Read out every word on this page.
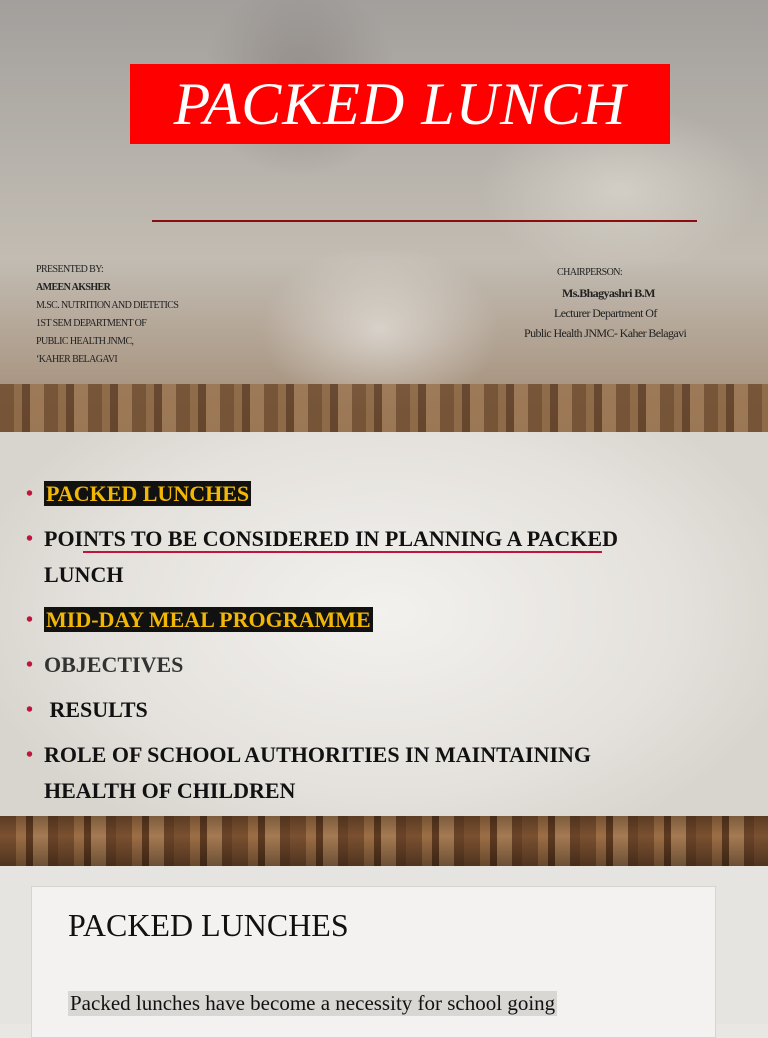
PACKED LUNCH
PRESENTED BY:
AMEEN AKSHER
M.SC. NUTRITION AND DIETETICS
1ST SEM DEPARTMENT OF
PUBLIC HEALTH JNMC,
‘KAHER BELAGAVI
CHAIRPERSON:
Ms.Bhagyashri B.M
Lecturer Department Of
Public Health JNMC- Kaher Belagavi
• PACKED LUNCHES
• POINTS TO BE CONSIDERED IN PLANNING A PACKED
LUNCH
• MID-DAY MEAL PROGRAMME
• OBJECTIVES
• RESULTS
• ROLE OF SCHOOL AUTHORITIES IN MAINTAINING
HEALTH OF CHILDREN
PACKED LUNCHES
Packed lunches have become a necessity for school going
